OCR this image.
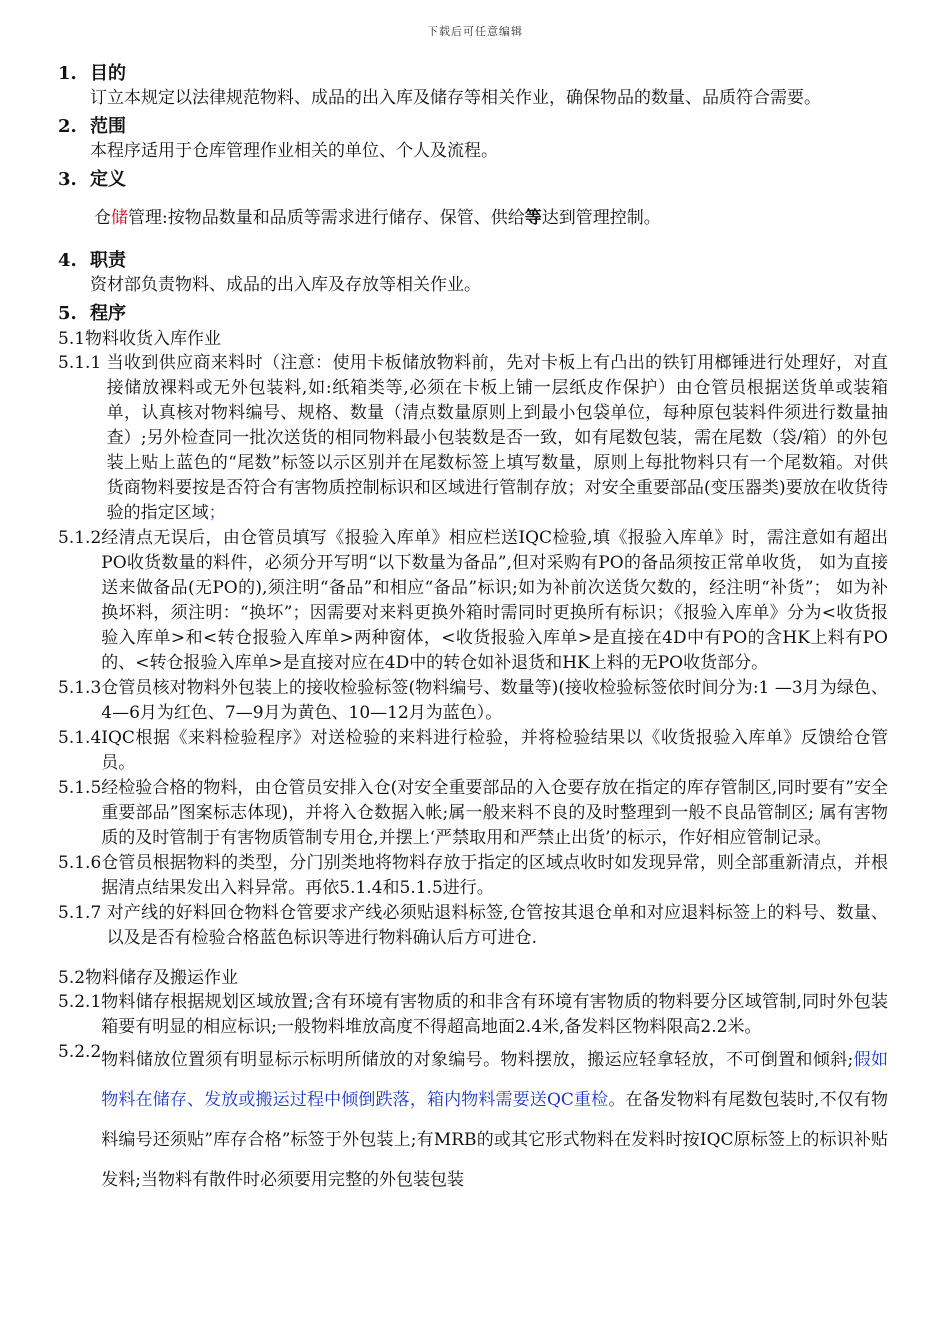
下载后可任意编辑
1. 目的
订立本规定以法律规范物料、成品的出入库及储存等相关作业，确保物品的数量、品质符合需要。
2. 范围
本程序适用于仓库管理作业相关的单位、个人及流程。
3. 定义
仓储管理:按物品数量和品质等需求进行储存、保管、供给等达到管理控制。
4. 职责
资材部负责物料、成品的出入库及存放等相关作业。
5. 程序
5.1物料收货入库作业
5.1.1 当收到供应商来料时（注意：使用卡板储放物料前，先对卡板上有凸出的铁钉用榔锤进行处理好，对直接储放裸料或无外包装料,如:纸箱类等,必须在卡板上铺一层纸皮作保护）由仓管员根据送货单或装箱单，认真核对物料编号、规格、数量（清点数量原则上到最小包袋单位，每种原包装料件须进行数量抽查）;另外检查同一批次送货的相同物料最小包装数是否一致，如有尾数包装，需在尾数（袋/箱）的外包装上贴上蓝色的“尾数”标签以示区别并在尾数标签上填写数量，原则上每批物料只有一个尾数箱。对供货商物料要按是否符合有害物质控制标识和区域进行管制存放；对安全重要部品(变压器类)要放在收货待验的指定区域；
5.1.2 经清点无误后，由仓管员填写《报验入库单》相应栏送IQC检验,填《报验入库单》时，需注意如有超出PO收货数量的料件，必须分开写明“以下数量为备品”,但对采购有PO的备品须按正常单收货， 如为直接送来做备品(无PO的),须注明“备品”和相应“备品”标识;如为补前次送货欠数的，经注明“补货”； 如为补换坏料，须注明：“换坏”；因需要对来料更换外箱时需同时更换所有标识；《报验入库单》分为<收货报验入库单>和<转仓报验入库单>两种窗体，<收货报验入库单>是直接在4D中有PO的含HK上料有PO的、<转仓报验入库单>是直接对应在4D中的转仓如补退货和HK上料的无PO收货部分。
5.1.3 仓管员核对物料外包装上的接收检验标签(物料编号、数量等)(接收检验标签依时间分为:1 —3月为绿色、4—6月为红色、7—9月为黄色、10—12月为蓝色）。
5.1.4 IQC根据《来料检验程序》对送检验的来料进行检验，并将检验结果以《收货报验入库单》反馈给仓管员。
5.1.5 经检验合格的物料，由仓管员安排入仓(对安全重要部品的入仓要存放在指定的库存管制区,同时要有”安全重要部品”图案标志体现)，并将入仓数据入帐;属一般来料不良的及时整理到一般不良品管制区; 属有害物质的及时管制于有害物质管制专用仓,并摆上‘严禁取用和严禁止出货’的标示，作好相应管制记录。
5.1.6 仓管员根据物料的类型，分门别类地将物料存放于指定的区域点收时如发现异常，则全部重新清点，并根据清点结果发出入料异常。再依5.1.4和5.1.5进行。
5.1.7 对产线的好料回仓物料仓管要求产线必须贴退料标签,仓管按其退仓单和对应退料标签上的料号、数量、以及是否有检验合格蓝色标识等进行物料确认后方可进仓.
5.2物料储存及搬运作业
5.2.1 物料储存根据规划区域放置;含有环境有害物质的和非含有环境有害物质的物料要分区域管制,同时外包装箱要有明显的相应标识;一般物料堆放高度不得超高地面2.4米,备发料区物料限高2.2米。
5.2.2 物料储放位置须有明显标示标明所储放的对象编号。物料摆放，搬运应轻拿轻放，不可倒置和倾斜;假如物料在储存、发放或搬运过程中倾倒跌落，箱内物料需要送QC重检。在备发物料有尾数包装时,不仅有物料编号还须贴”库存合格”标签于外包装上;有MRB的或其它形式物料在发料时按IQC原标签上的标识补贴发料;当物料有散件时必须要用完整的外包装包装
